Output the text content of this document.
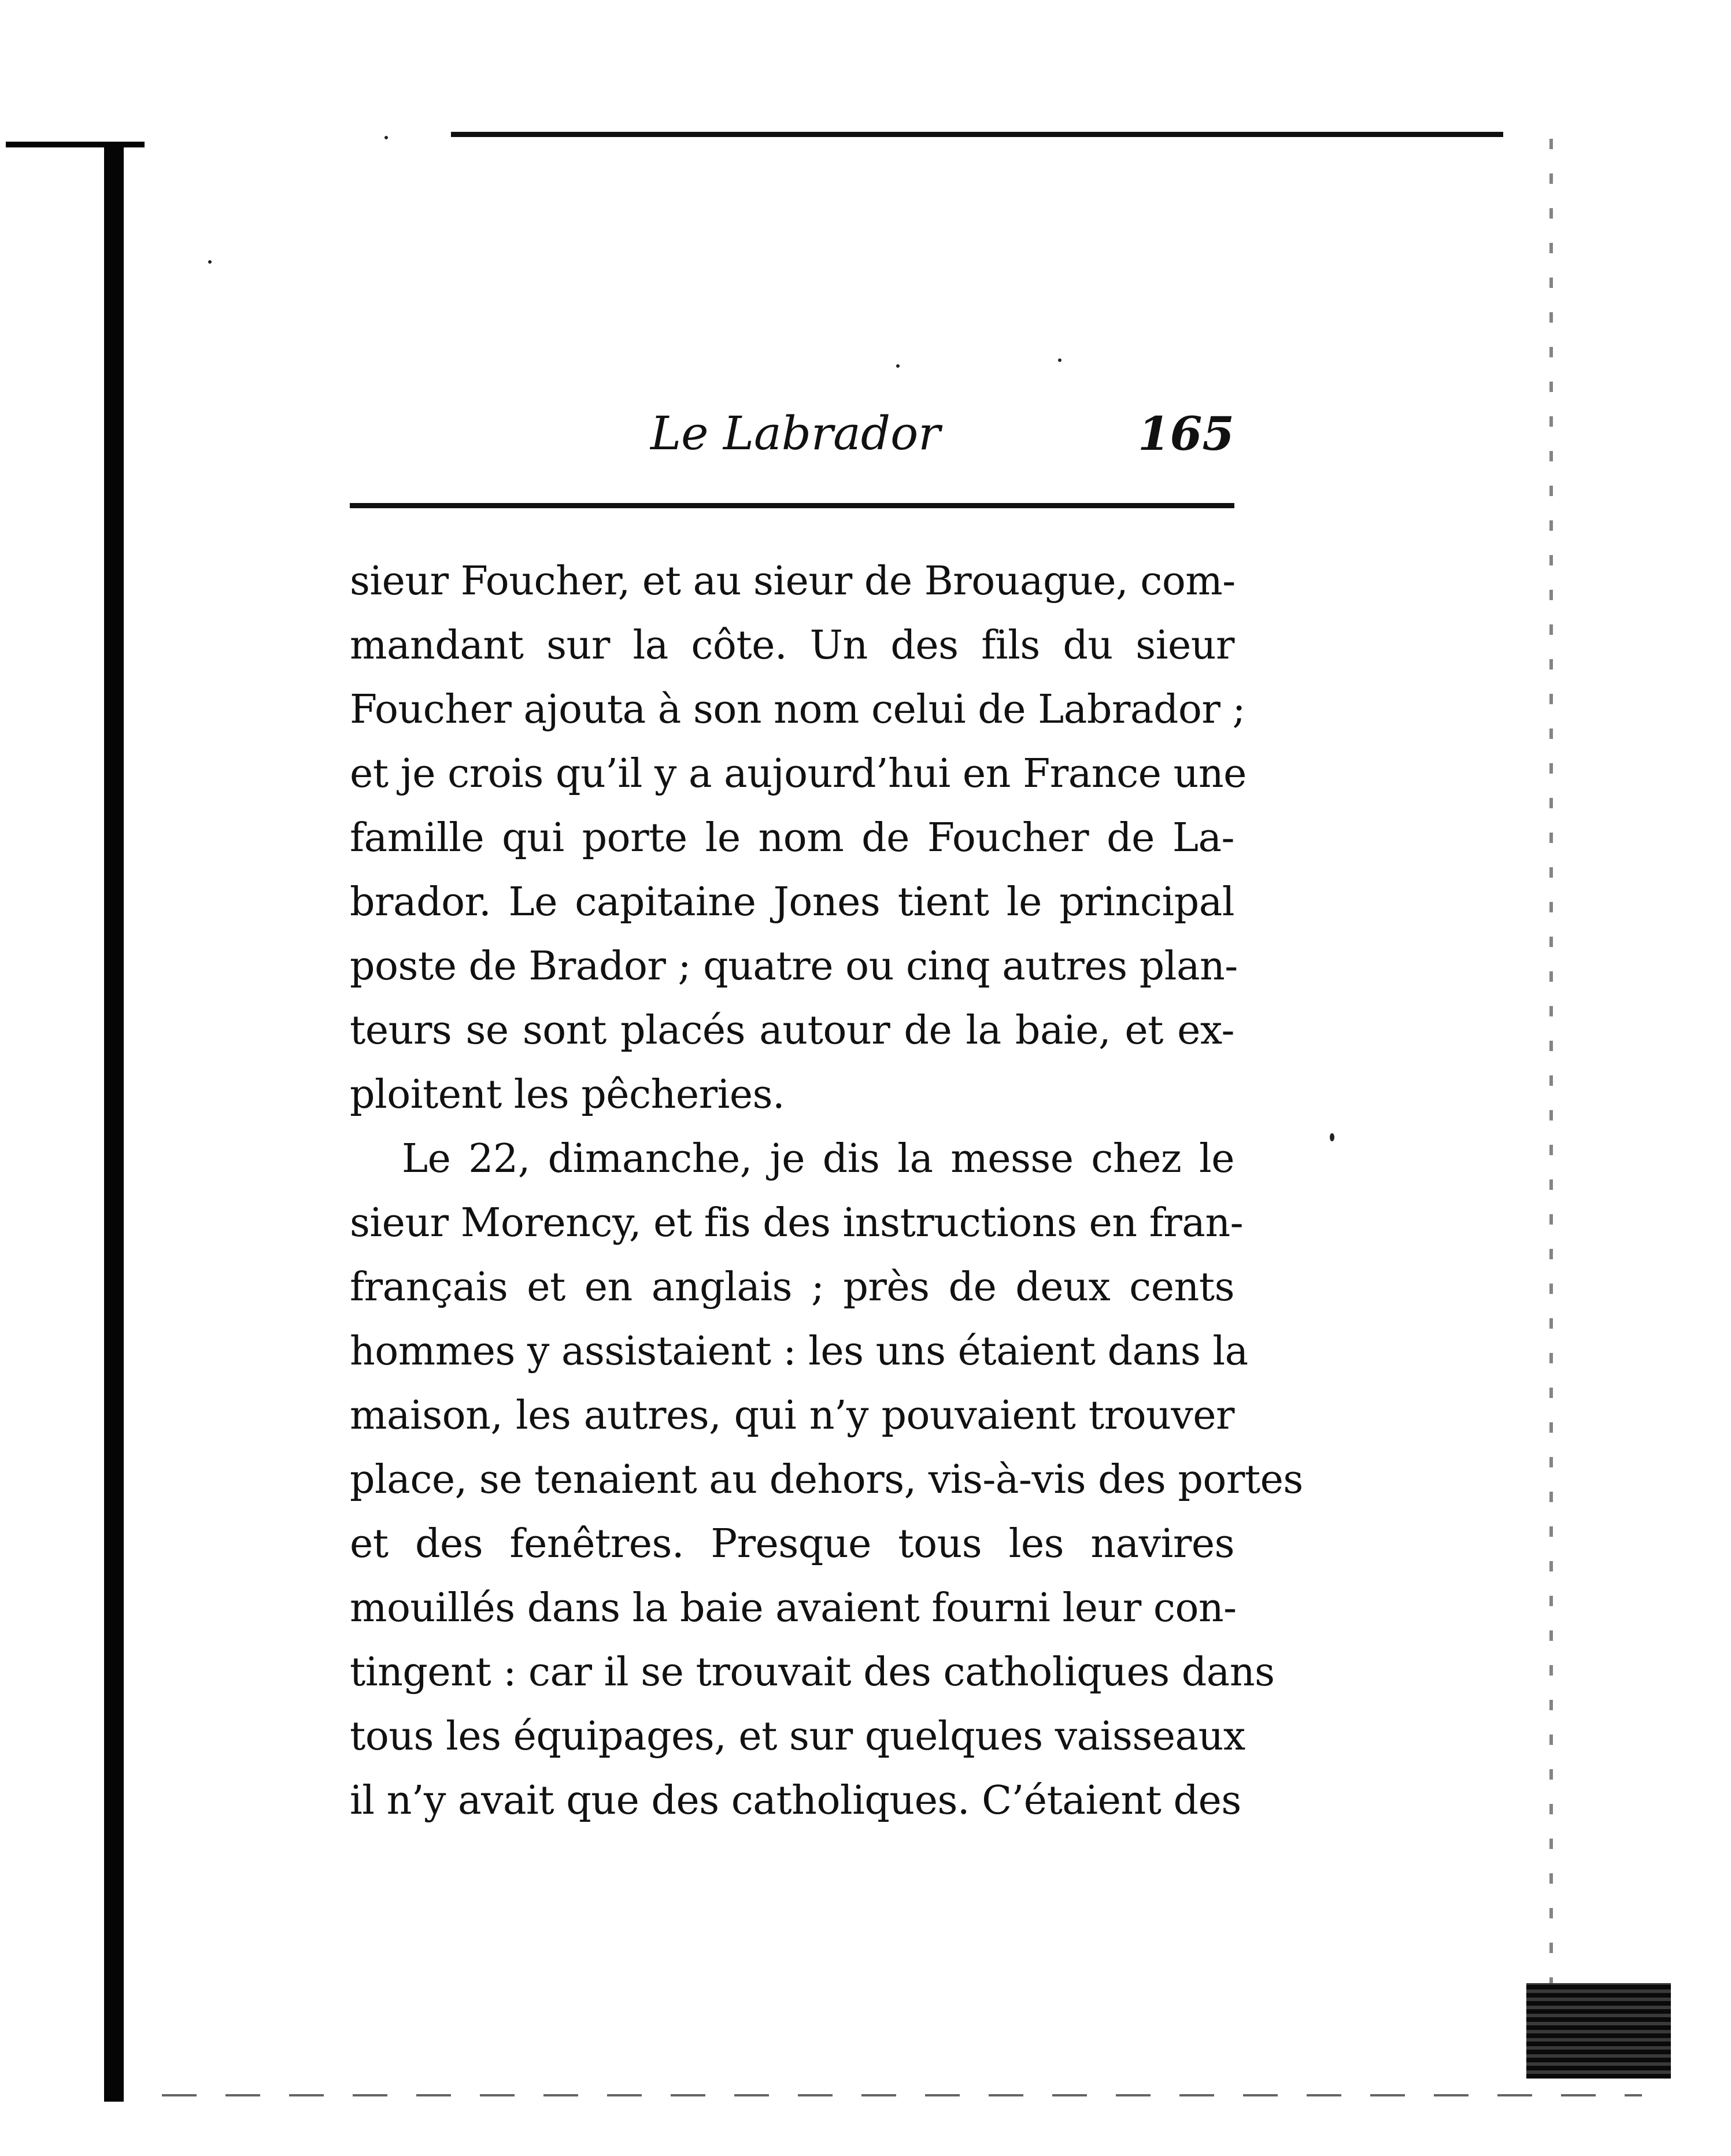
Le Labrador	165
sieur Foucher, et au sieur de Brouague, com-
mandant sur la côte. Un des fils du sieur
Foucher ajouta à son nom celui de Labrador ;
et je crois qu’il y a aujourd’hui en France une
famille qui porte le nom de Foucher de La-
brador. Le capitaine Jones tient le principal
poste de Brador ; quatre ou cinq autres plan-
teurs se sont placés autour de la baie, et ex-
ploitent les pêcheries.
Le 22, dimanche, je dis la messe chez le
sieur Morency, et fis des instructions en fran-
français et en anglais ; près de deux cents
hommes y assistaient : les uns étaient dans la
maison, les autres, qui n’y pouvaient trouver
place, se tenaient au dehors, vis-à-vis des portes
et des fenêtres. Presque tous les navires
mouillés dans la baie avaient fourni leur con-
tingent : car il se trouvait des catholiques dans
tous les équipages, et sur quelques vaisseaux
il n’y avait que des catholiques. C’étaient des
